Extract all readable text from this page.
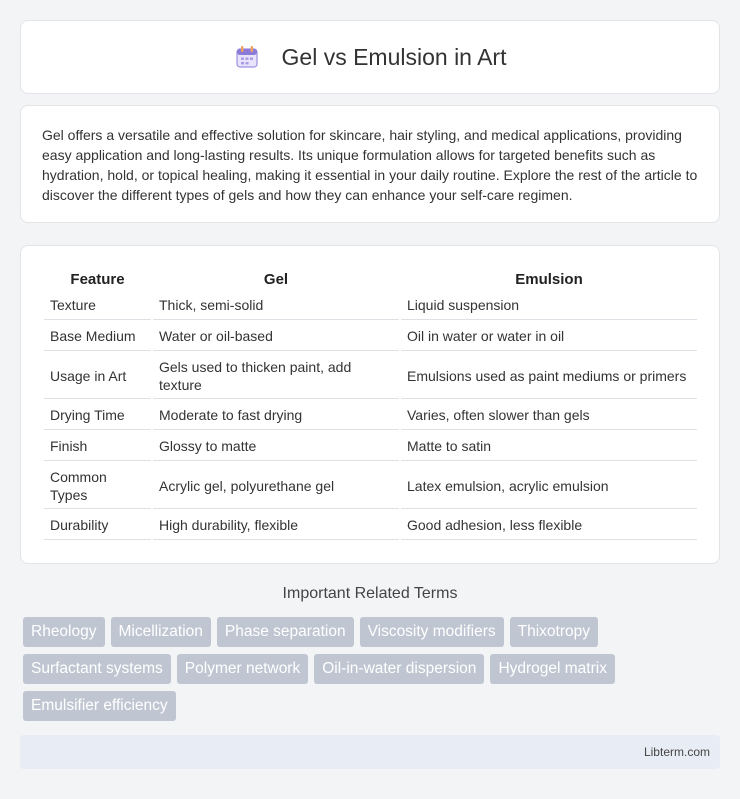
Gel vs Emulsion in Art

Gel offers a versatile and effective solution for skincare, hair styling, and medical applications, providing easy application and long-lasting results. Its unique formulation allows for targeted benefits such as hydration, hold, or topical healing, making it essential in your daily routine. Explore the rest of the article to discover the different types of gels and how they can enhance your self-care regimen.

Feature	Gel	Emulsion
Texture	Thick, semi-solid	Liquid suspension
Base Medium	Water or oil-based	Oil in water or water in oil
Usage in Art	Gels used to thicken paint, add texture	Emulsions used as paint mediums or primers
Drying Time	Moderate to fast drying	Varies, often slower than gels
Finish	Glossy to matte	Matte to satin
Common Types	Acrylic gel, polyurethane gel	Latex emulsion, acrylic emulsion
Durability	High durability, flexible	Good adhesion, less flexible
Important Related Terms
Rheology	Micellization	Phase separation	Viscosity modifiers	Thixotropy
Surfactant systems	Polymer network	Oil-in-water dispersion	Hydrogel matrix
Emulsifier efficiency
Libterm.com
